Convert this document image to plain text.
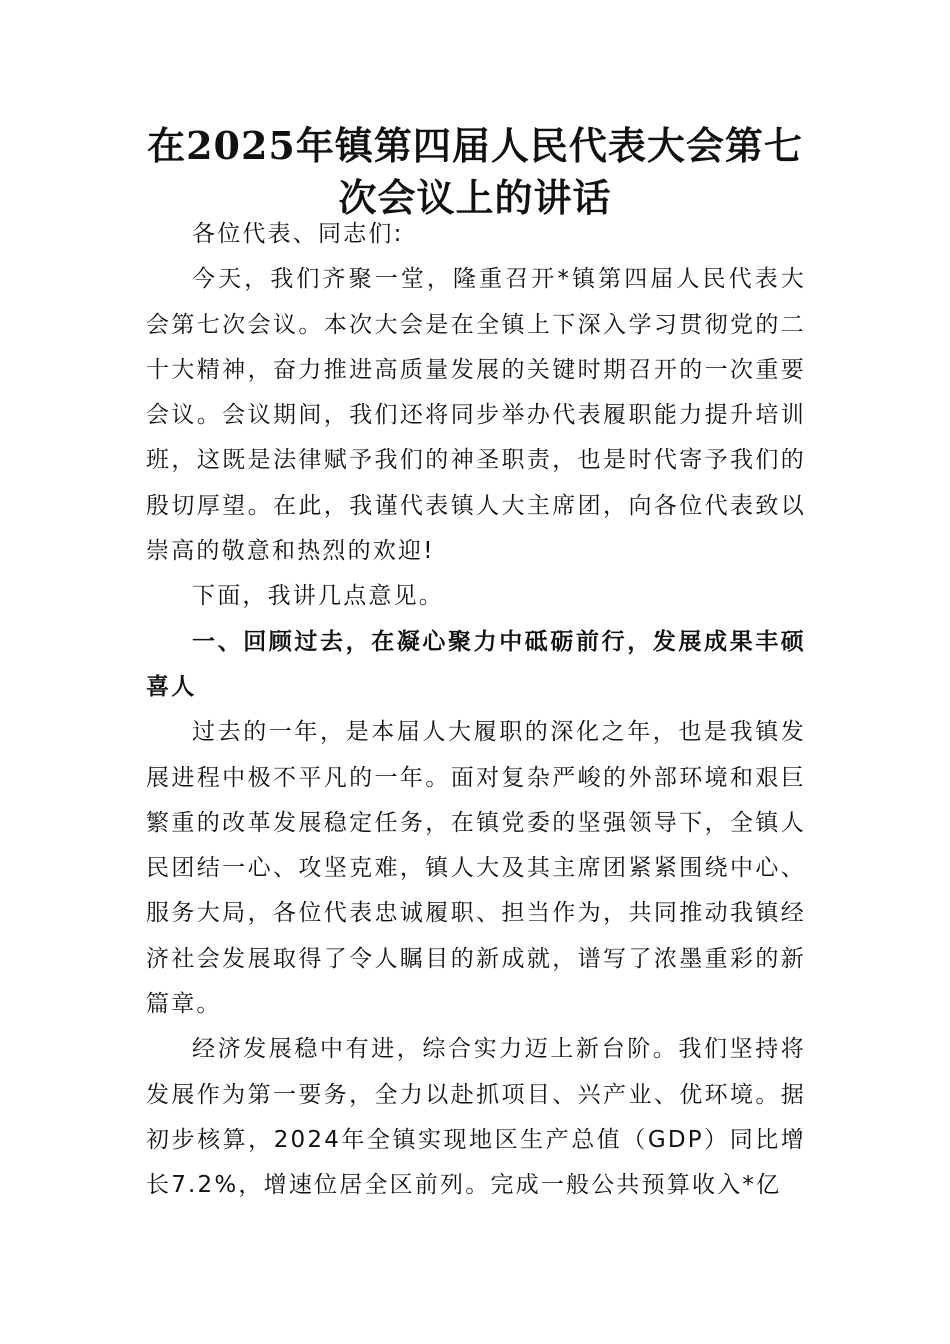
在2025年镇第四届人民代表大会第七次会议上的讲话

各位代表、同志们:

今天，我们齐聚一堂，隆重召开*镇第四届人民代表大会第七次会议。本次大会是在全镇上下深入学习贯彻党的二十大精神，奋力推进高质量发展的关键时期召开的一次重要会议。会议期间，我们还将同步举办代表履职能力提升培训班，这既是法律赋予我们的神圣职责，也是时代寄予我们的殷切厚望。在此，我谨代表镇人大主席团，向各位代表致以崇高的敬意和热烈的欢迎!

下面，我讲几点意见。

一、回顾过去，在凝心聚力中砥砺前行，发展成果丰硕喜人

过去的一年，是本届人大履职的深化之年，也是我镇发展进程中极不平凡的一年。面对复杂严峻的外部环境和艰巨繁重的改革发展稳定任务，在镇党委的坚强领导下，全镇人民团结一心、攻坚克难，镇人大及其主席团紧紧围绕中心、服务大局，各位代表忠诚履职、担当作为，共同推动我镇经济社会发展取得了令人瞩目的新成就，谱写了浓墨重彩的新篇章。

经济发展稳中有进，综合实力迈上新台阶。我们坚持将发展作为第一要务，全力以赴抓项目、兴产业、优环境。据初步核算，2024年全镇实现地区生产总值（GDP）同比增长7.2%，增速位居全区前列。完成一般公共预算收入*亿
